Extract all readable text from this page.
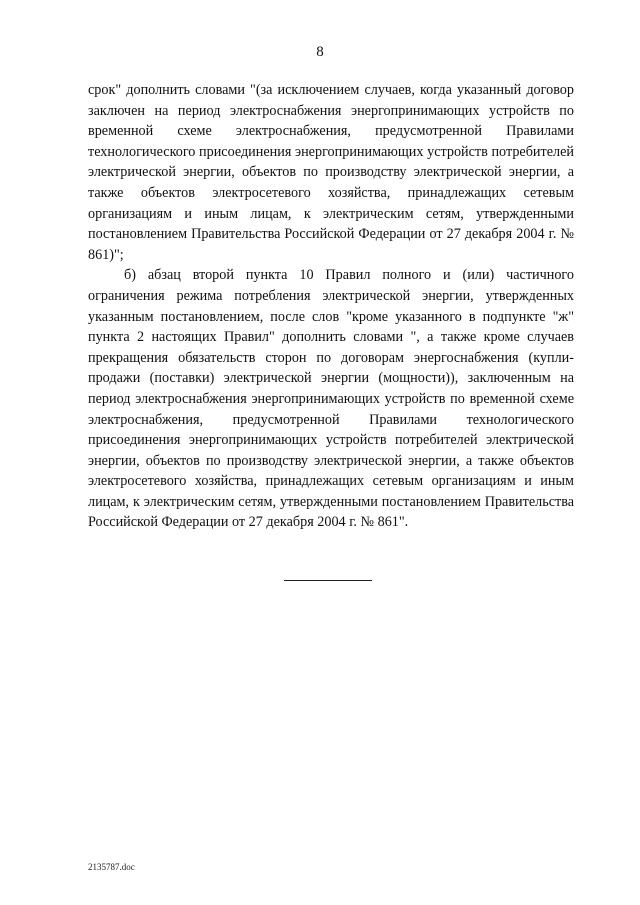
8

срок" дополнить словами "(за исключением случаев, когда указанный договор заключен на период электроснабжения энергопринимающих устройств по временной схеме электроснабжения, предусмотренной Правилами технологического присоединения энергопринимающих устройств потребителей электрической энергии, объектов по производству электрической энергии, а также объектов электросетевого хозяйства, принадлежащих сетевым организациям и иным лицам, к электрическим сетям, утвержденными постановлением Правительства Российской Федерации от 27 декабря 2004 г. № 861)";

б) абзац второй пункта 10 Правил полного и (или) частичного ограничения режима потребления электрической энергии, утвержденных указанным постановлением, после слов "кроме указанного в подпункте "ж" пункта 2 настоящих Правил" дополнить словами ", а также кроме случаев прекращения обязательств сторон по договорам энергоснабжения (купли-продажи (поставки) электрической энергии (мощности)), заключенным на период электроснабжения энергопринимающих устройств по временной схеме электроснабжения, предусмотренной Правилами технологического присоединения энергопринимающих устройств потребителей электрической энергии, объектов по производству электрической энергии, а также объектов электросетевого хозяйства, принадлежащих сетевым организациям и иным лицам, к электрическим сетям, утвержденными постановлением Правительства Российской Федерации от 27 декабря 2004 г. № 861".

2135787.doc
